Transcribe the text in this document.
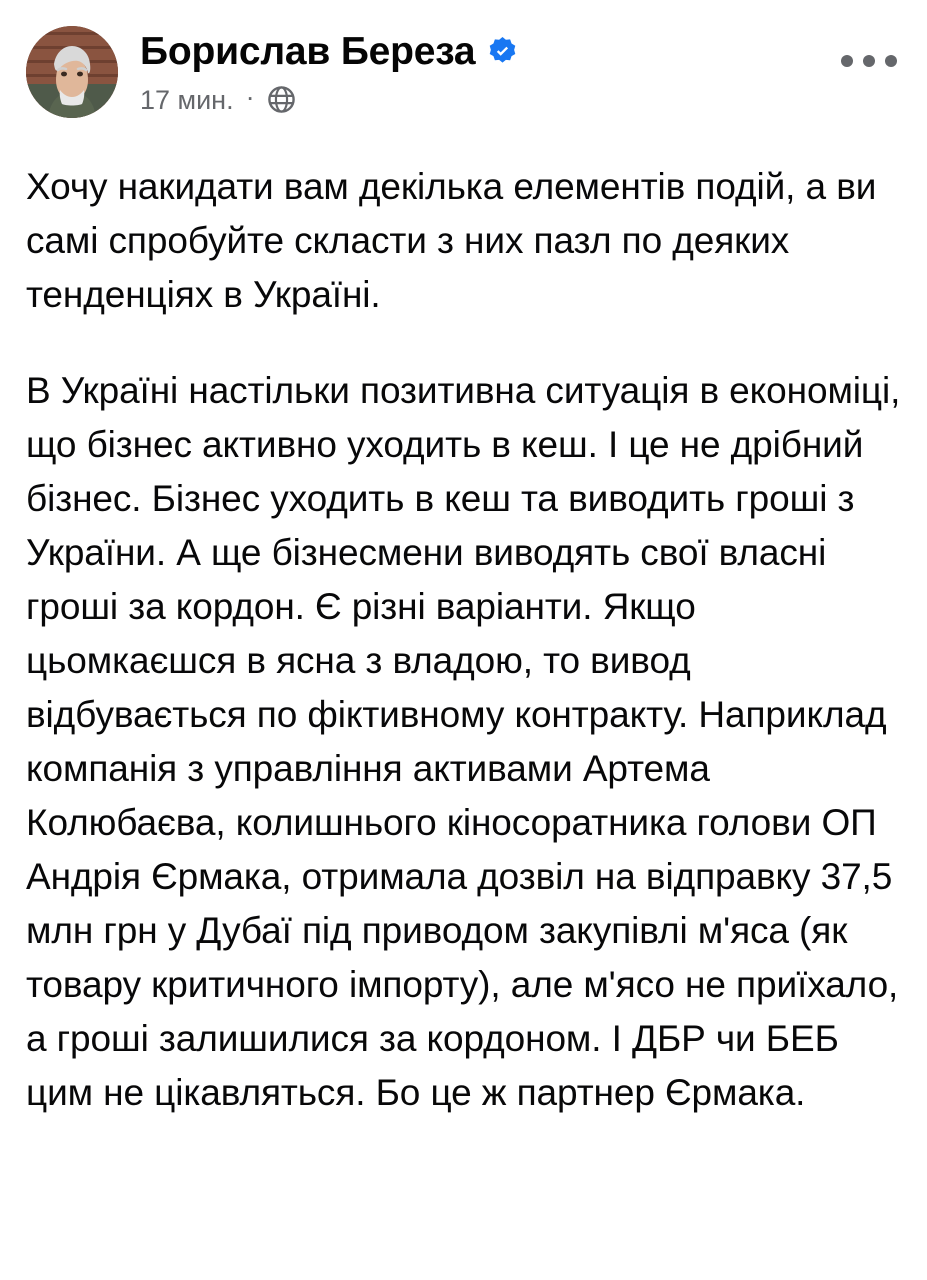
Борислав Береза
17 мин. ·

Хочу накидати вам декілька елементів подій, а ви самі спробуйте скласти з них пазл по деяких тенденціях в Україні.

В Україні настільки позитивна ситуація в економіці, що бізнес активно уходить в кеш. І це не дрібний бізнес. Бізнес уходить в кеш та виводить гроші з України. А ще бізнесмени виводять свої власні гроші за кордон. Є різні варіанти. Якщо цьомкаєшся в ясна з владою, то вивод відбувається по фіктивному контракту. Наприклад компанія з управління активами Артема Колюбаєва, колишнього кіносоратника голови ОП Андрія Єрмака, отримала дозвіл на відправку 37,5 млн грн у Дубаї під приводом закупівлі м'яса (як товару критичного імпорту), але м'ясо не приїхало, а гроші залишилися за кордоном. І ДБР чи БЕБ цим не цікавляться. Бо це ж партнер Єрмака.
